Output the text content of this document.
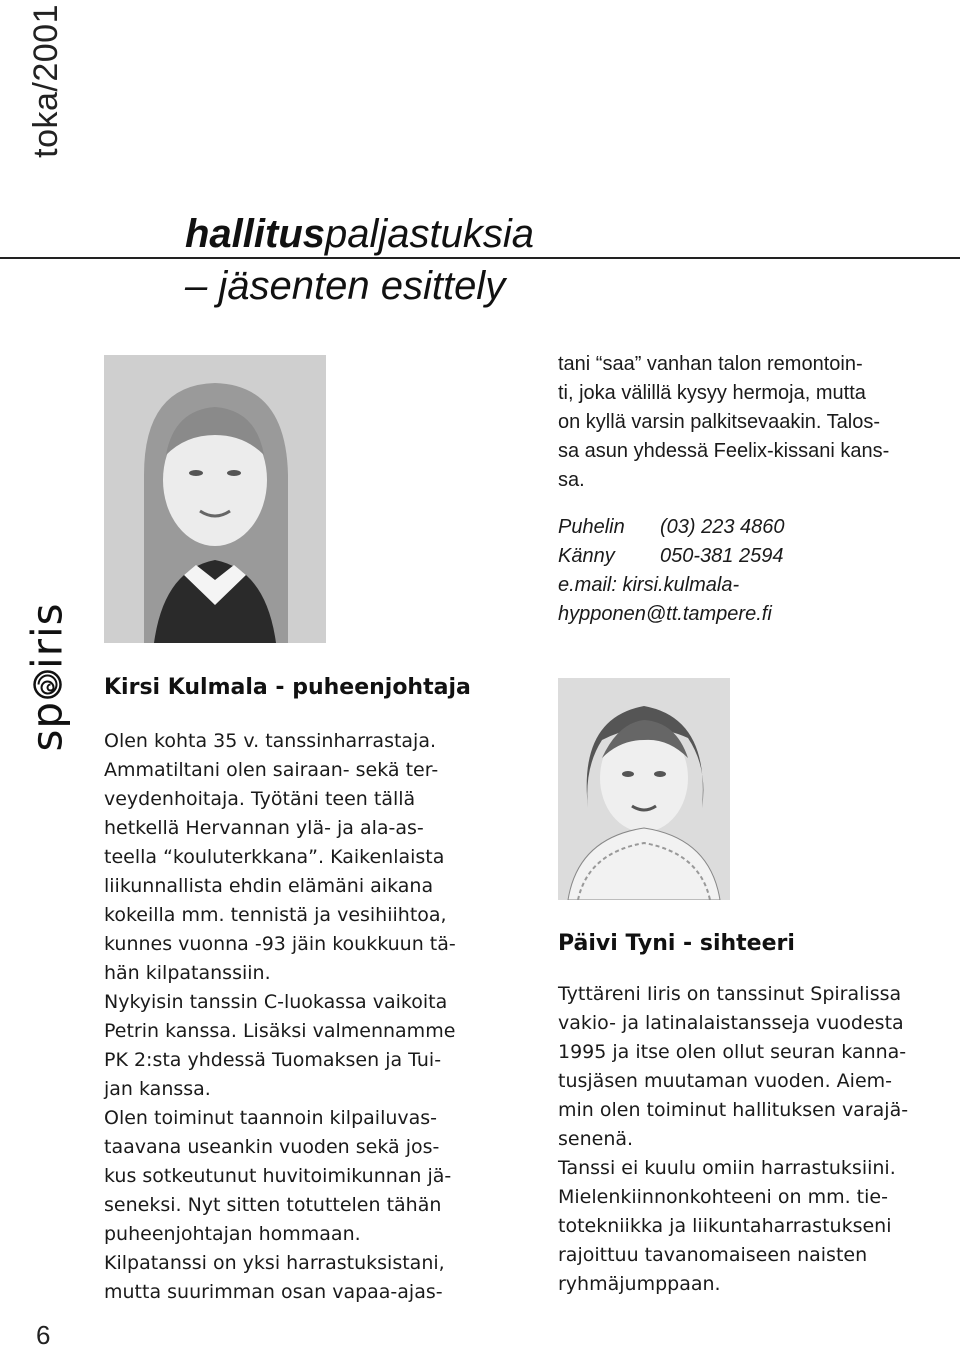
toka/2001
hallituspaljastuksia
– jäsenten esittely
sp
iris
6
Kirsi Kulmala - puheenjohtaja
Olen kohta 35 v. tanssinharrastaja.
Ammatiltani olen sairaan- sekä ter-
veydenhoitaja. Työtäni teen tällä
hetkellä Hervannan ylä- ja ala-as-
teella “kouluterkkana”. Kaikenlaista
liikunnallista ehdin elämäni aikana
kokeilla mm. tennistä ja vesihiihtoa,
kunnes vuonna -93 jäin koukkuun tä-
hän kilpatanssiin.
Nykyisin tanssin C-luokassa vaikoita
Petrin kanssa. Lisäksi valmennamme
PK 2:sta yhdessä Tuomaksen ja Tui-
jan kanssa.
Olen toiminut taannoin kilpailuvas-
taavana useankin vuoden sekä jos-
kus sotkeutunut huvitoimikunnan jä-
seneksi. Nyt sitten totuttelen tähän
puheenjohtajan hommaan.
Kilpatanssi on yksi harrastuksistani,
mutta suurimman osan vapaa-ajas-
tani “saa” vanhan talon remontoin-
ti, joka välillä kysyy hermoja, mutta
on kyllä varsin palkitsevaakin. Talos-
sa asun yhdessä Feelix-kissani kans-
sa.
Puhelin (03) 223 4860
Känny 050-381 2594
e.mail: kirsi.kulmala-
hypponen@tt.tampere.fi
Päivi Tyni - sihteeri
Tyttäreni Iiris on tanssinut Spiralissa
vakio- ja latinalaistansseja vuodesta
1995 ja itse olen ollut seuran kanna-
tusjäsen muutaman vuoden. Aiem-
min olen toiminut hallituksen varajä-
senenä.
Tanssi ei kuulu omiin harrastuksiini.
Mielenkiinnonkohteeni on mm. tie-
totekniikka ja liikuntaharrastukseni
rajoittuu tavanomaiseen naisten
ryhmäjumppaan.
